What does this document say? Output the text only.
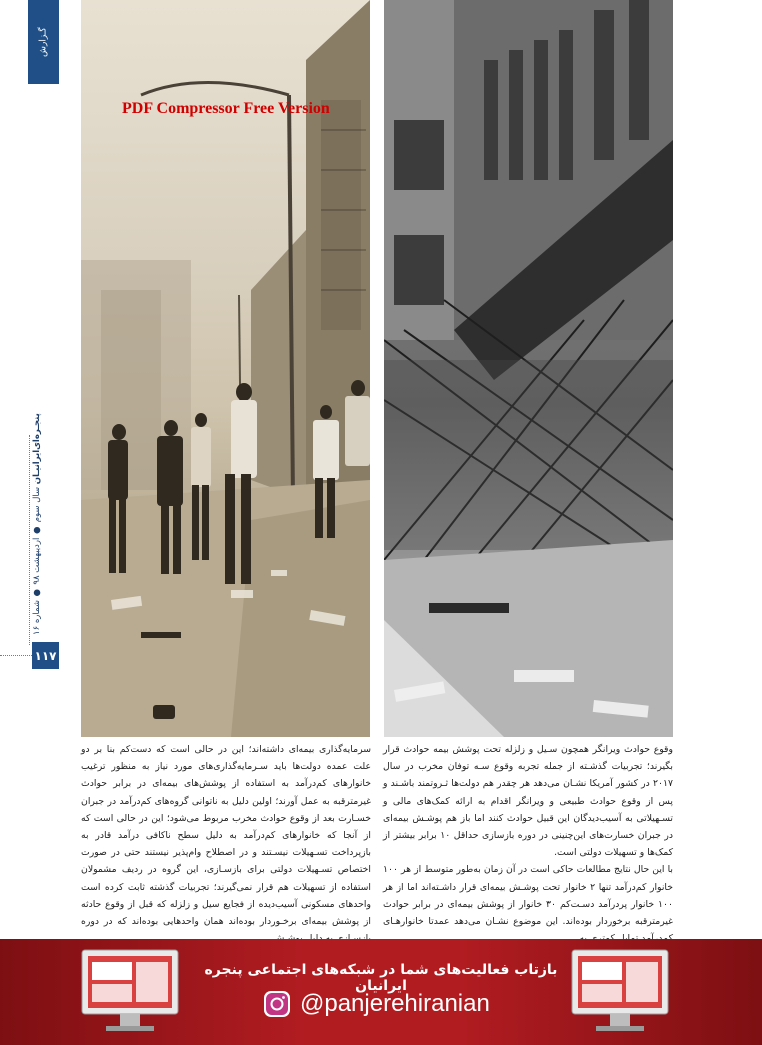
گـزارش
پنجـره‌ای‌ایرانیـان سال سوم‌ ● اردیبهشت ۹۸ ● شماره ۱۶
۱۱۷
PDF Compressor Free Version

وقوع حوادث ویرانگر همچون سـیل و زلزله تحت پوشش بیمه حوادث قرار بگیرند؛ تجربیات گذشـته از جمله تجربه وقوع سـه توفان مخرب در سال ۲۰۱۷ در کشور آمریکا نشـان می‌دهد هر چقدر هم دولت‌ها ثـروتمند باشـند و پس از وقوع حوادث طبیعی و ویرانگر اقدام به ارائه کمک‌های مالی و تسـهیلاتی به آسیب‌دیدگان این قبیل حوادث کنند اما باز هم پوشـش بیمه‌ای در جبران خسارت‌های این‌چنینی در دوره بازسازی حداقل ۱۰ برابر بیشتر از کمک‌ها و تسهیلات دولتی است.

با این حال نتایج مطالعات حاکی است در آن زمان به‌طور متوسط از هر ۱۰۰ خانوار کم‌درآمد تنها ۲ خانوار تحت پوشـش بیمه‌ای قرار داشـته‌اند اما از هر ۱۰۰ خانوار پردرآمد دسـت‌کم ۳۰ خانوار از پوشش بیمه‌ای در برابر حوادث غیرمترقبه برخوردار بوده‌اند. این موضوع نشـان می‌دهد عمدتا خانوارهـای

سرمایه‌گذاری بیمه‌ای داشته‌اند؛ این در حالی است که دست‌کم بنا بر دو علت عمده دولت‌ها باید سـرمایه‌گذاری‌های مورد نیاز به منظور ترغیب خانوارهای کم‌درآمد به استفاده از پوشش‌های بیمه‌ای در برابر حوادث غیرمترقبه به عمل آورند؛ اولین دلیل به ناتوانی گروه‌های کم‌درآمد در جبران خسـارت بعد از وقوع حوادث مخرب مربوط می‌شود؛ این در حالی است که از آنجا که خانوارهای کم‌درآمد به دلیل سطح ناکافی درآمد قادر به بازپرداخت تسـهیلات نیسـتند و در اصطلاح وام‌پذیر نیستند حتی در صورت اختصاص تسـهیلات دولتی برای بازسـازی، این گروه در ردیف مشمولان استفاده از تسهیلات هم قرار نمی‌گیرند؛ تجربیات گذشته ثابت کرده است واحدهای مسکونی آسیب‌دیده از فجایع سیل و زلزله که قبل از وقوع حادثه از پوشش بیمه‌ای برخـوردار بوده‌اند همان واحدهایی بوده‌اند که در دوره

بازتاب فعالیت‌های شما در شبکه‌های اجتماعی پنجره ایرانیان
@panjerehiranian
